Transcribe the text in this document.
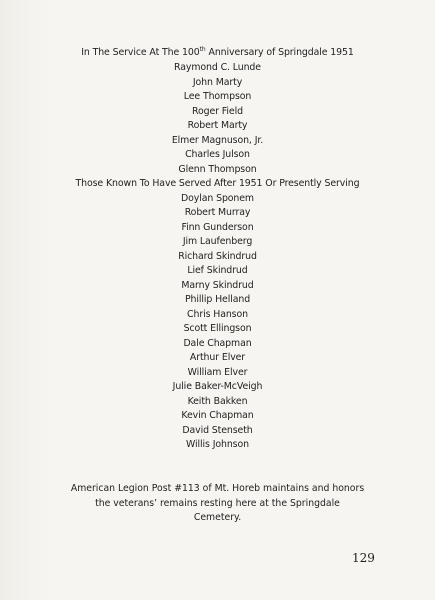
In The Service At The 100th Anniversary of Springdale 1951
Raymond C. Lunde
John Marty
Lee Thompson
Roger Field
Robert Marty
Elmer Magnuson, Jr.
Charles Julson
Glenn Thompson
Those Known To Have Served After 1951 Or Presently Serving
Doylan Sponem
Robert Murray
Finn Gunderson
Jim Laufenberg
Richard Skindrud
Lief Skindrud
Marny Skindrud
Phillip Helland
Chris Hanson
Scott Ellingson
Dale Chapman
Arthur Elver
William Elver
Julie Baker-McVeigh
Keith Bakken
Kevin Chapman
David Stenseth
Willis Johnson
American Legion Post #113 of Mt. Horeb maintains and honors the veterans’ remains resting here at the Springdale Cemetery.
129
